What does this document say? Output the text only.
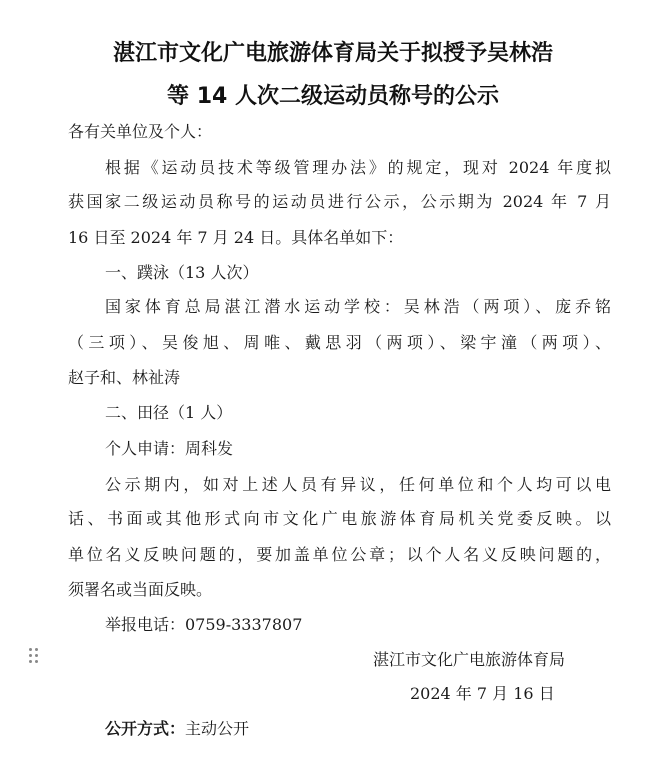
湛江市文化广电旅游体育局关于拟授予吴林浩
等 14 人次二级运动员称号的公示
各有关单位及个人：
根据《运动员技术等级管理办法》的规定，现对 2024 年度拟
获国家二级运动员称号的运动员进行公示，公示期为 2024 年 7 月
16 日至 2024 年 7 月 24 日。具体名单如下：
一、蹼泳（13 人次）
国家体育总局湛江潜水运动学校：吴林浩（两项）、庞乔铭
（三项）、吴俊旭、周唯、戴思羽（两项）、梁宇潼（两项）、
赵子和、林祉涛
二、田径（1 人）
个人申请：周科发
公示期内，如对上述人员有异议，任何单位和个人均可以电
话、书面或其他形式向市文化广电旅游体育局机关党委反映。以
单位名义反映问题的，要加盖单位公章；以个人名义反映问题的，
须署名或当面反映。
举报电话：0759-3337807
湛江市文化广电旅游体育局
2024 年 7 月 16 日
公开方式：主动公开
